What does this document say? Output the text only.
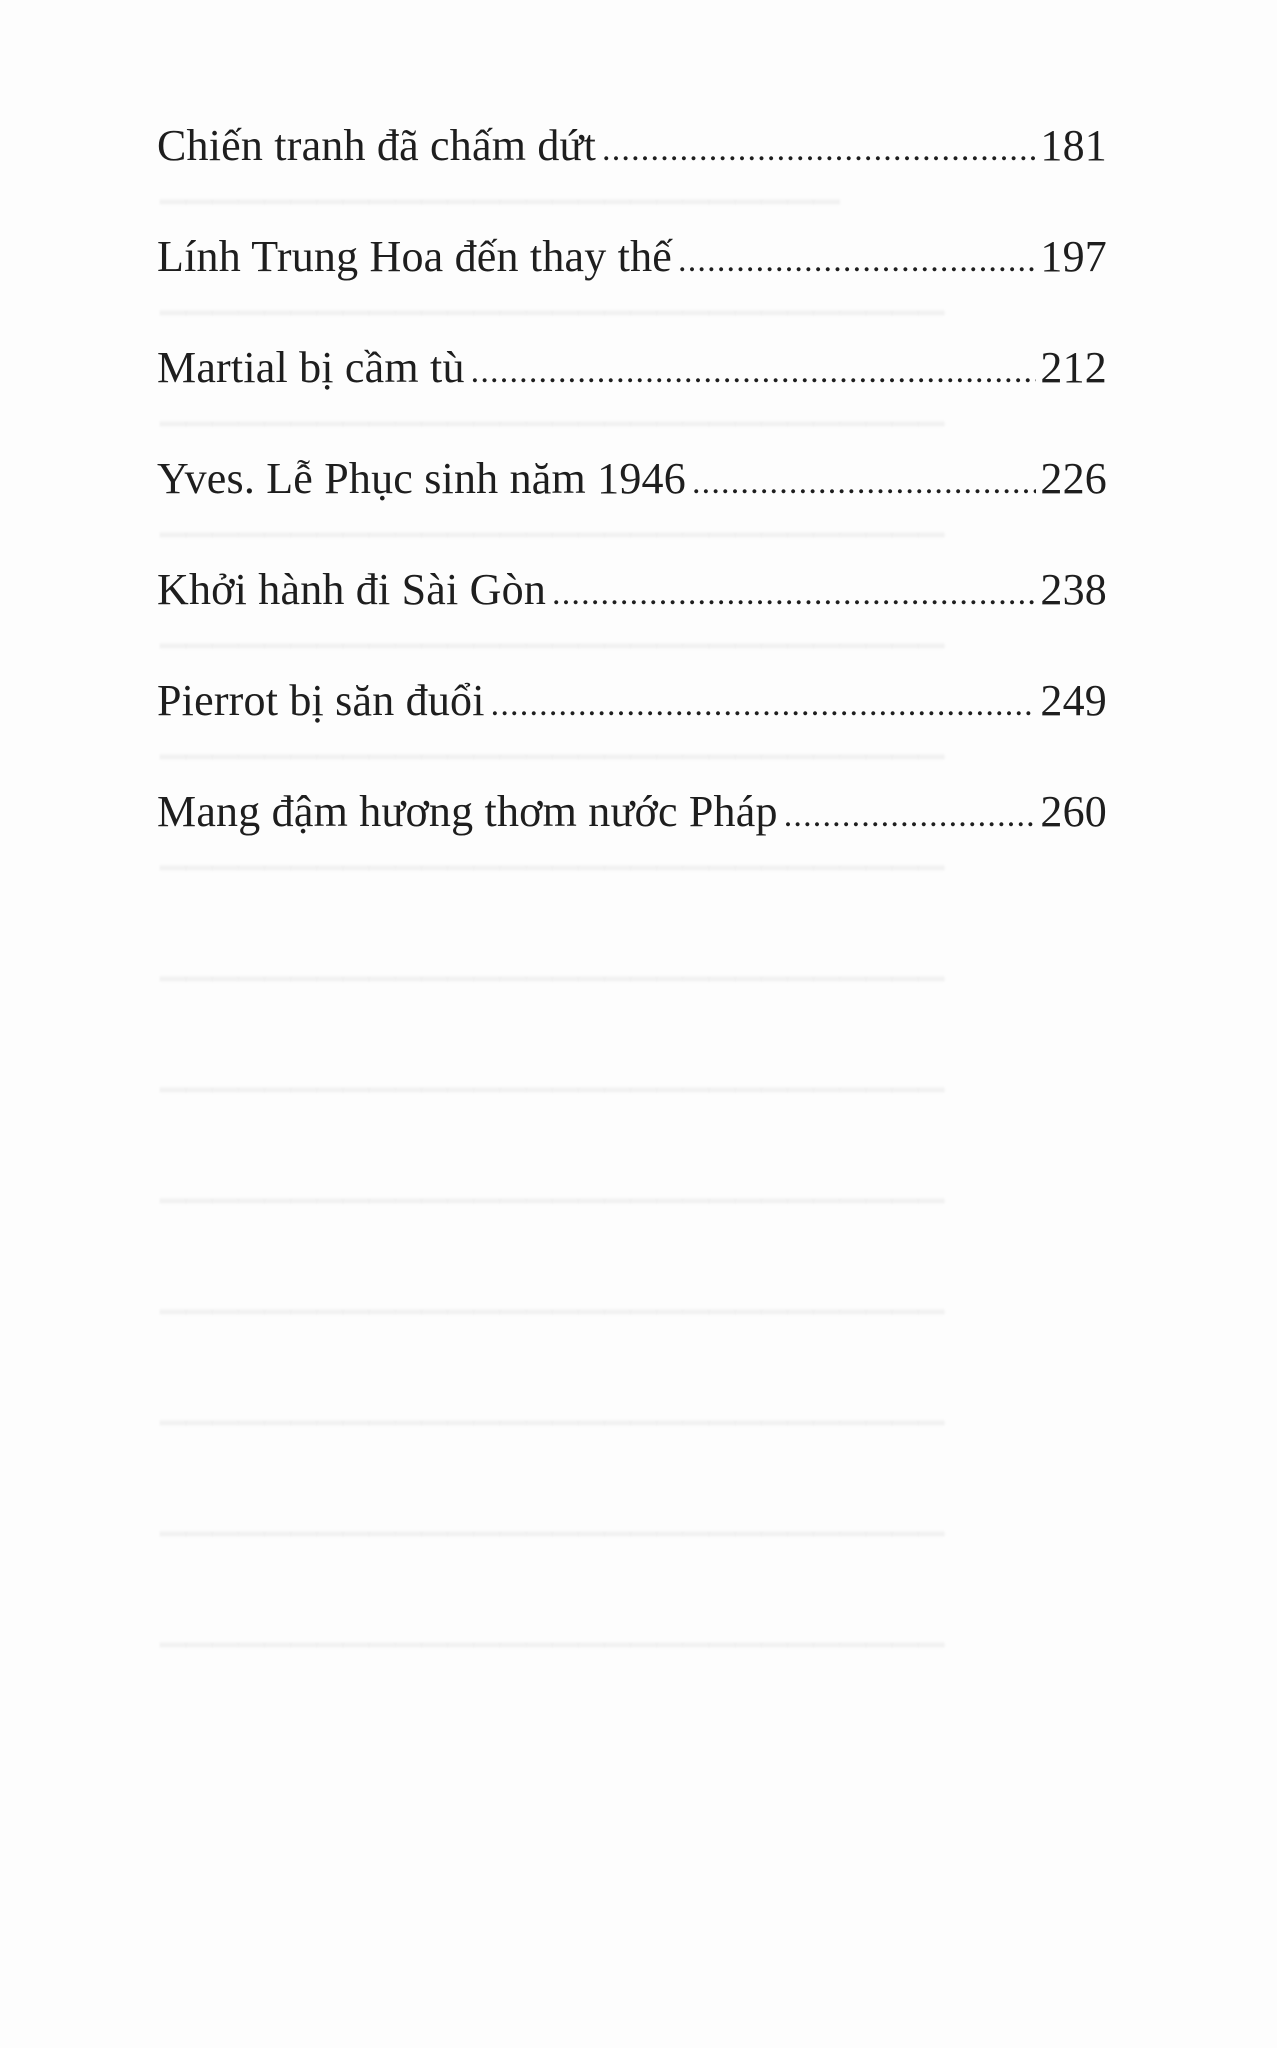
Chiến tranh đã chấm dứt .....	181
Lính Trung Hoa đến thay thế .....	197
Martial bị cầm tù .....	212
Yves. Lễ Phục sinh năm 1946 .....	226
Khởi hành đi Sài Gòn .....	238
Pierrot bị săn đuổi .....	249
Mang đậm hương thơm nước Pháp .....	260
